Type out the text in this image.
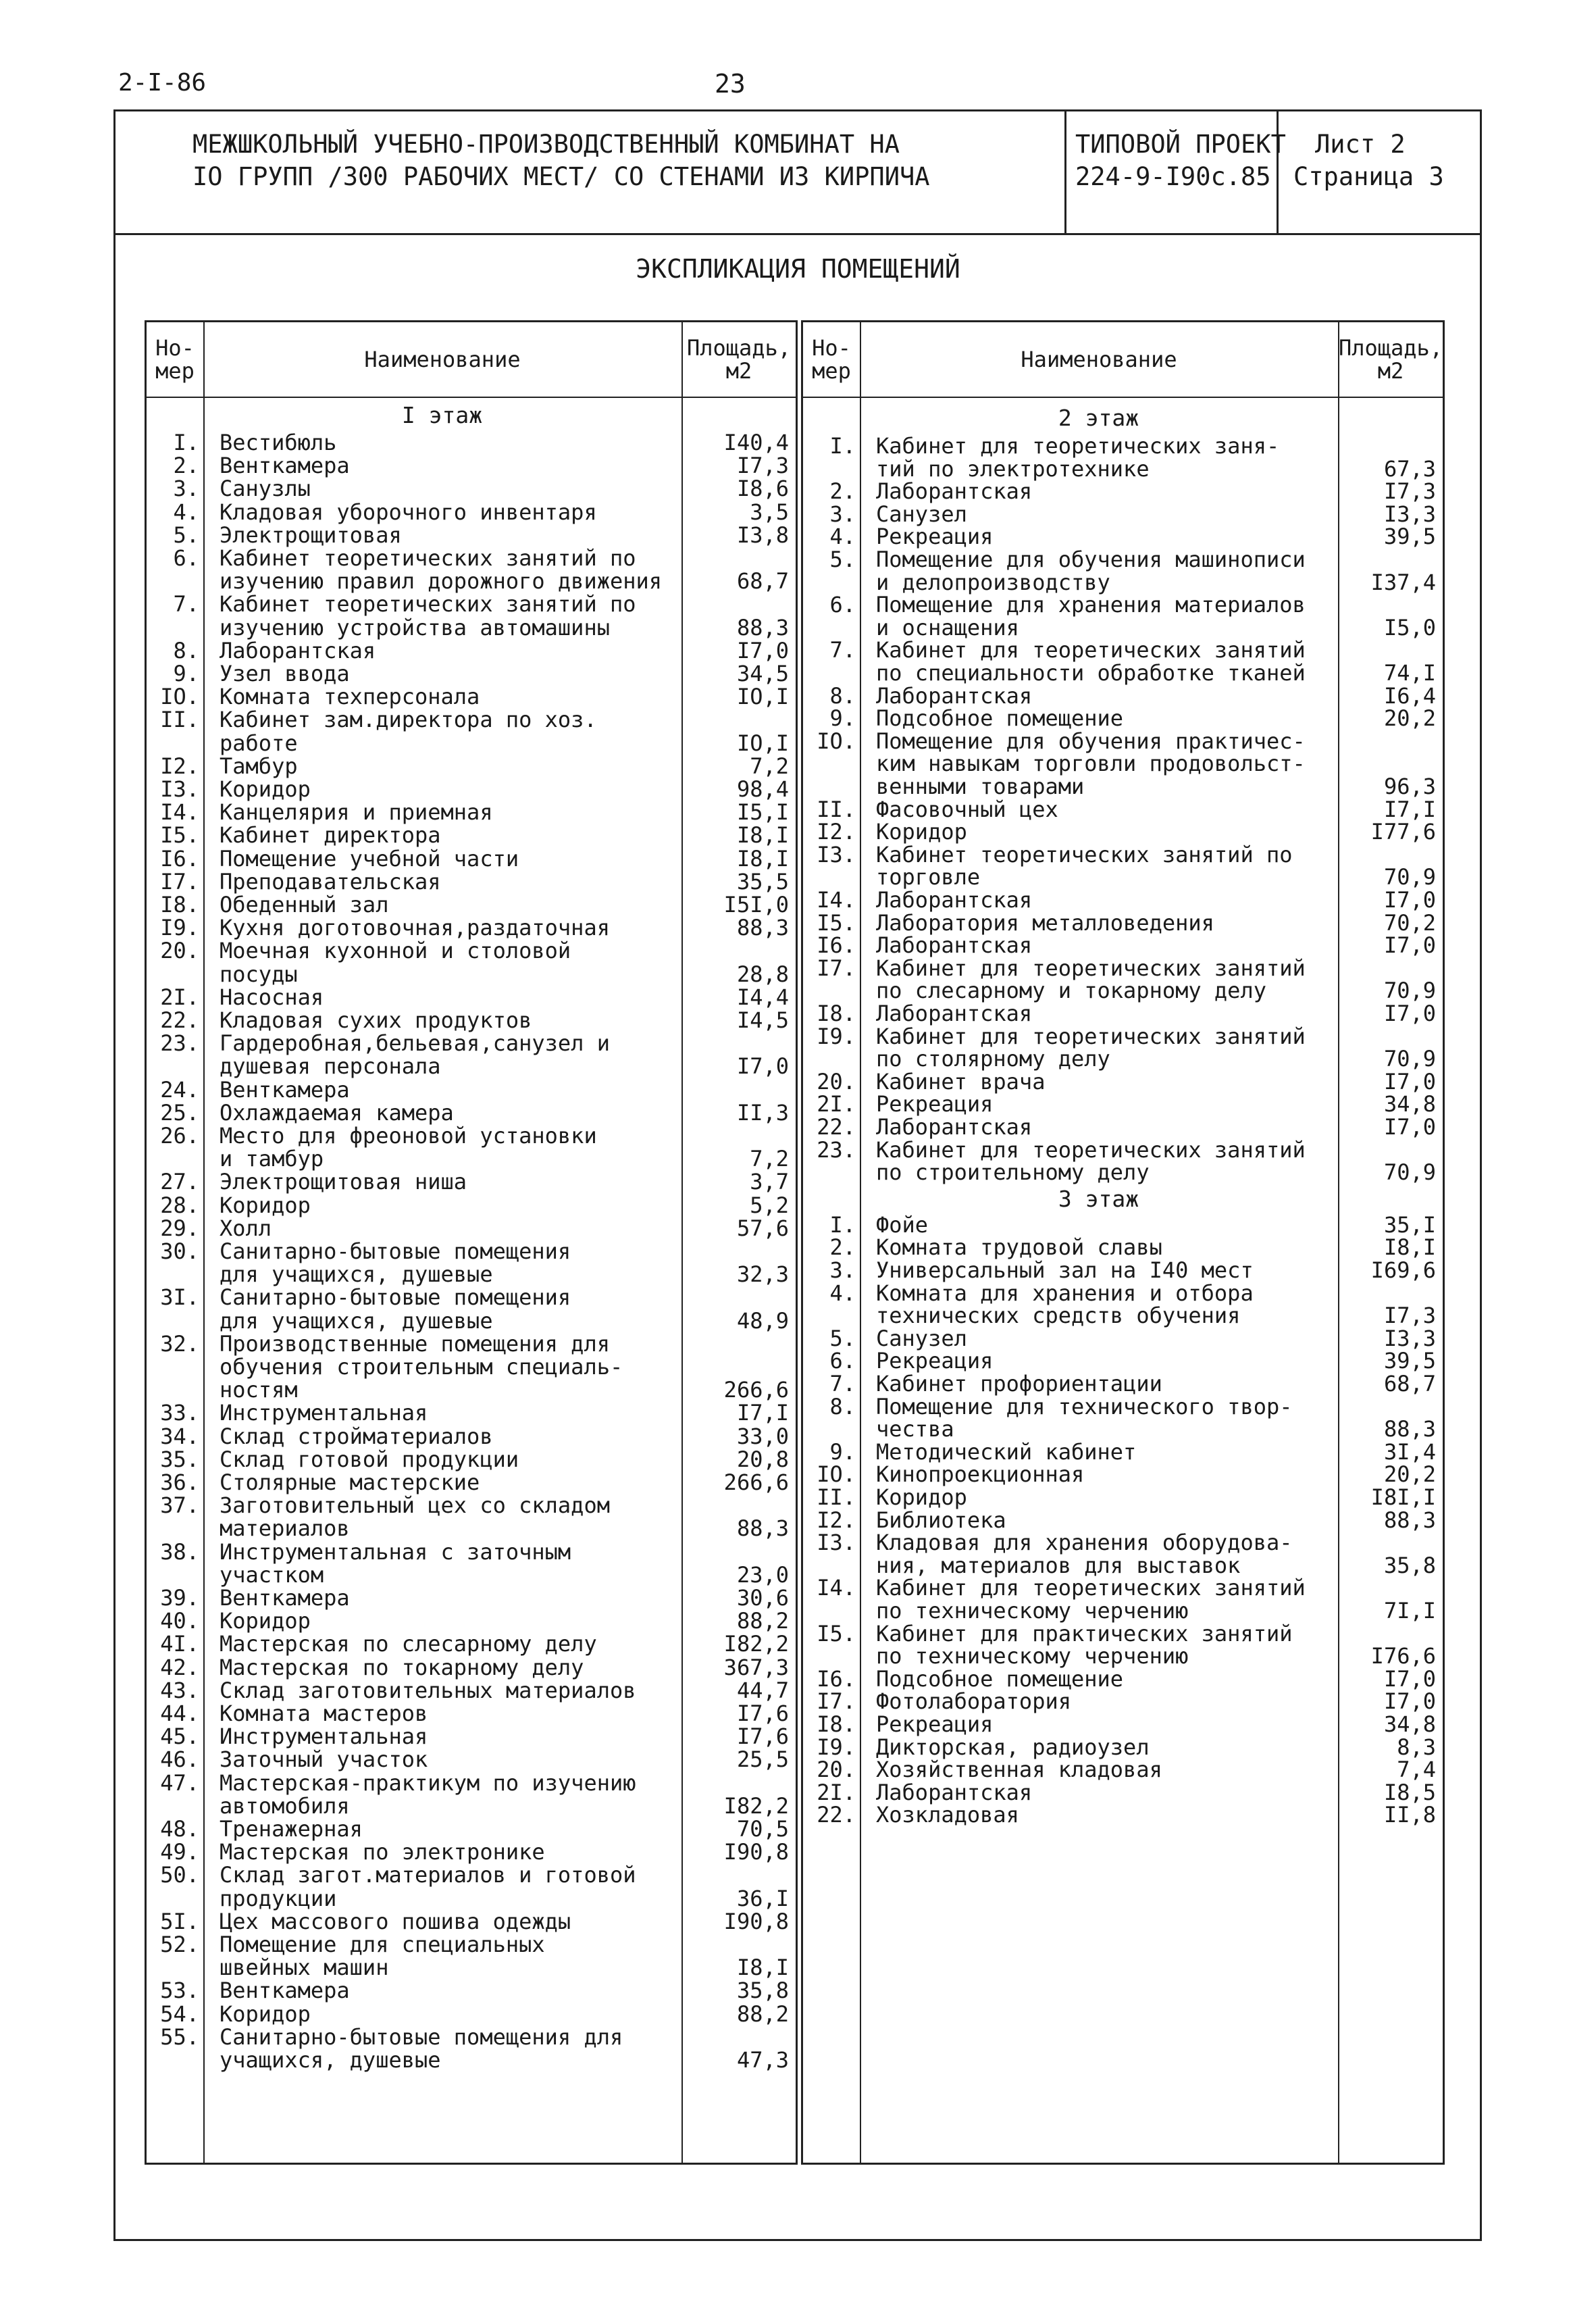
2-I-86	23
МЕЖШКОЛЬНЫЙ УЧЕБНО-ПРОИЗВОДСТВЕННЫЙ КОМБИНАТ НА
IO ГРУПП /300 РАБОЧИХ МЕСТ/ СО СТЕНАМИ ИЗ КИРПИЧА
ТИПОВОЙ ПРОЕКТ
224-9-I90с.85
Лист 2
Страница 3
ЭКСПЛИКАЦИЯ ПОМЕЩЕНИЙ
Но-
мер	Наименование	Площадь,
м2
I этаж
I. Вестибюль	I40,4
2. Венткамера	I7,3
3. Санузлы	I8,6
4. Кладовая уборочного инвентаря	3,5
5. Электрощитовая	I3,8
6. Кабинет теоретических занятий по
изучению правил дорожного движения	68,7
7. Кабинет теоретических занятий по
изучению устройства автомашины	88,3
8. Лаборантская	I7,0
9. Узел ввода	34,5
IO. Комната техперсонала	IO,I
II. Кабинет зам.директора по хоз.
работе	IO,I
I2. Тамбур	7,2
I3. Коридор	98,4
I4. Канцелярия и приемная	I5,I
I5. Кабинет директора	I8,I
I6. Помещение учебной части	I8,I
I7. Преподавательская	35,5
I8. Обеденный зал	I5I,0
I9. Кухня доготовочная,раздаточная	88,3
20. Моечная кухонной и столовой
посуды	28,8
2I. Насосная	I4,4
22. Кладовая сухих продуктов	I4,5
23. Гардеробная,бельевая,санузел и
душевая персонала	I7,0
24. Венткамера
25. Охлаждаемая камера	II,3
26. Место для фреоновой установки
и тамбур	7,2
27. Электрощитовая ниша	3,7
28. Коридор	5,2
29. Холл	57,6
30. Санитарно-бытовые помещения
для учащихся, душевые	32,3
3I. Санитарно-бытовые помещения
для учащихся, душевые	48,9
32. Производственные помещения для
обучения строительным специаль-
ностям	266,6
33. Инструментальная	I7,I
34. Склад стройматериалов	33,0
35. Склад готовой продукции	20,8
36. Столярные мастерские	266,6
37. Заготовительный цех со складом
материалов	88,3
38. Инструментальная с заточным
участком	23,0
39. Венткамера	30,6
40. Коридор	88,2
4I. Мастерская по слесарному делу	I82,2
42. Мастерская по токарному делу	367,3
43. Склад заготовительных материалов	44,7
44. Комната мастеров	I7,6
45. Инструментальная	I7,6
46. Заточный участок	25,5
47. Мастерская-практикум по изучению
автомобиля	I82,2
48. Тренажерная	70,5
49. Мастерская по электронике	I90,8
50. Склад загот.материалов и готовой
продукции	36,I
5I. Цех массового пошива одежды	I90,8
52. Помещение для специальных
швейных машин	I8,I
53. Венткамера	35,8
54. Коридор	88,2
55. Санитарно-бытовые помещения для
учащихся, душевые	47,3
Но-
мер	Наименование	Площадь,
м2
2 этаж
I. Кабинет для теоретических заня-
тий по электротехнике	67,3
2. Лаборантская	I7,3
3. Санузел	I3,3
4. Рекреация	39,5
5. Помещение для обучения машинописи
и делопроизводству	I37,4
6. Помещение для хранения материалов
и оснащения	I5,0
7. Кабинет для теоретических занятий
по специальности обработке тканей	74,I
8. Лаборантская	I6,4
9. Подсобное помещение	20,2
IO. Помещение для обучения практичес-
ким навыкам торговли продовольст-
венными товарами	96,3
II. Фасовочный цех	I7,I
I2. Коридор	I77,6
I3. Кабинет теоретических занятий по
торговле	70,9
I4. Лаборантская	I7,0
I5. Лаборатория металловедения	70,2
I6. Лаборантская	I7,0
I7. Кабинет для теоретических занятий
по слесарному и токарному делу	70,9
I8. Лаборантская	I7,0
I9. Кабинет для теоретических занятий
по столярному делу	70,9
20. Кабинет врача	I7,0
2I. Рекреация	34,8
22. Лаборантская	I7,0
23. Кабинет для теоретических занятий
по строительному делу	70,9
I. Фойе	35,I
2. Комната трудовой славы	I8,I
3. Универсальный зал на I40 мест	I69,6
4. Комната для хранения и отбора
технических средств обучения	I7,3
5. Санузел	I3,3
6. Рекреация	39,5
7. Кабинет профориентации	68,7
8. Помещение для технического твор-
чества	88,3
9. Методический кабинет	3I,4
IO. Кинопроекционная	20,2
II. Коридор	I8I,I
I2. Библиотека	88,3
I3. Кладовая для хранения оборудова-
ния, материалов для выставок	35,8
I4. Кабинет для теоретических занятий
по техническому черчению	7I,I
I5. Кабинет для практических занятий
по техническому черчению	I76,6
I6. Подсобное помещение	I7,0
I7. Фотолаборатория	I7,0
I8. Рекреация	34,8
I9. Дикторская, радиоузел	8,3
20. Хозяйственная кладовая	7,4
2I. Лаборантская	I8,5
22. Хозкладовая	II,8
3 этаж
